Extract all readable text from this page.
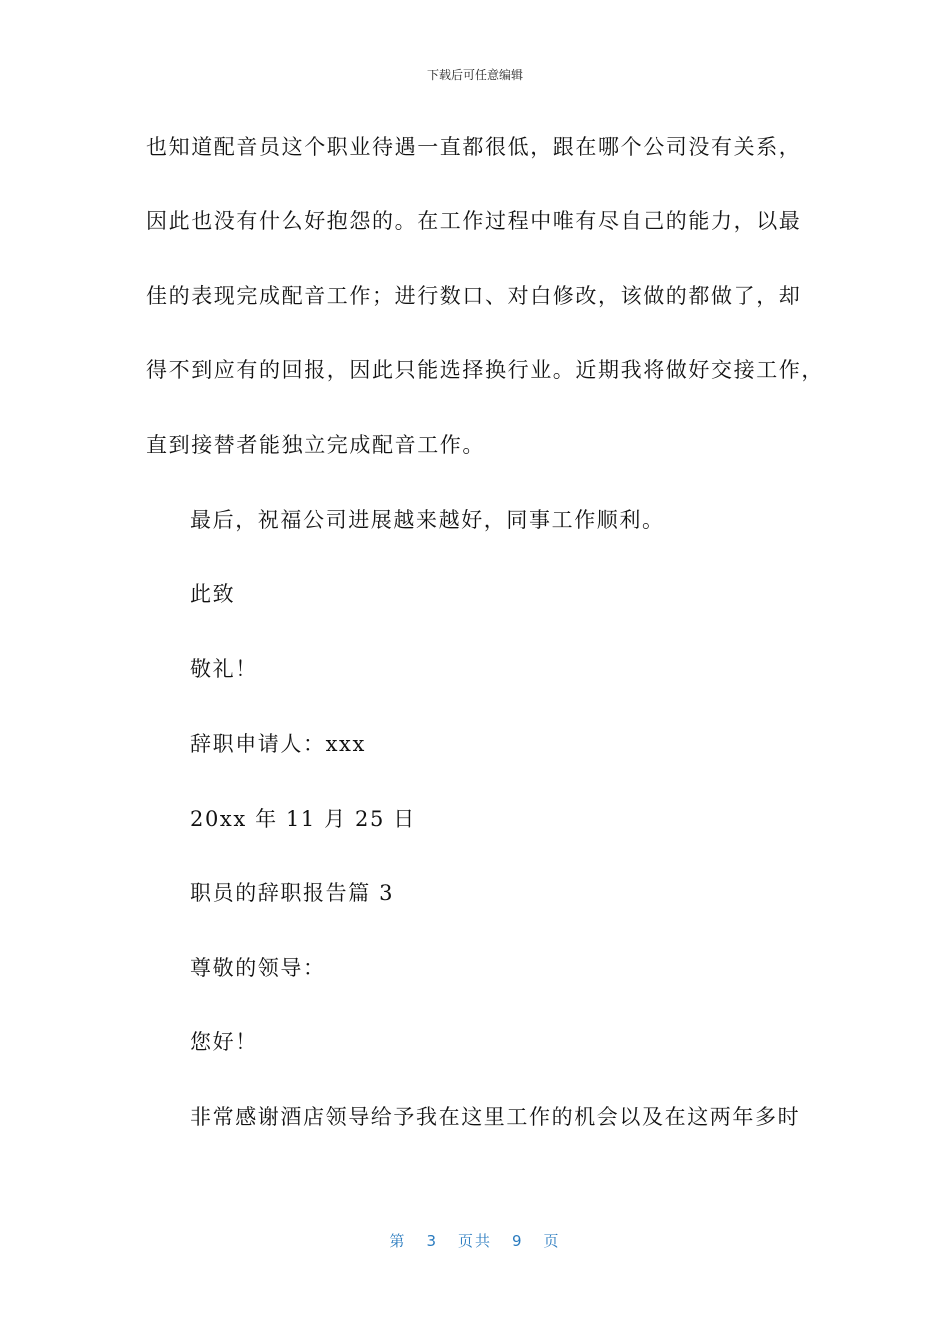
下载后可任意编辑
也知道配音员这个职业待遇一直都很低，跟在哪个公司没有关系，
因此也没有什么好抱怨的。在工作过程中唯有尽自己的能力，以最
佳的表现完成配音工作；进行数口、对白修改，该做的都做了，却
得不到应有的回报，因此只能选择换行业。近期我将做好交接工作，
直到接替者能独立完成配音工作。
最后，祝福公司进展越来越好，同事工作顺利。
此致
敬礼！
辞职申请人：xxx
20xx 年 11 月 25 日
职员的辞职报告篇 3
尊敬的领导：
您好！
非常感谢酒店领导给予我在这里工作的机会以及在这两年多时
第 3 页共 9 页
